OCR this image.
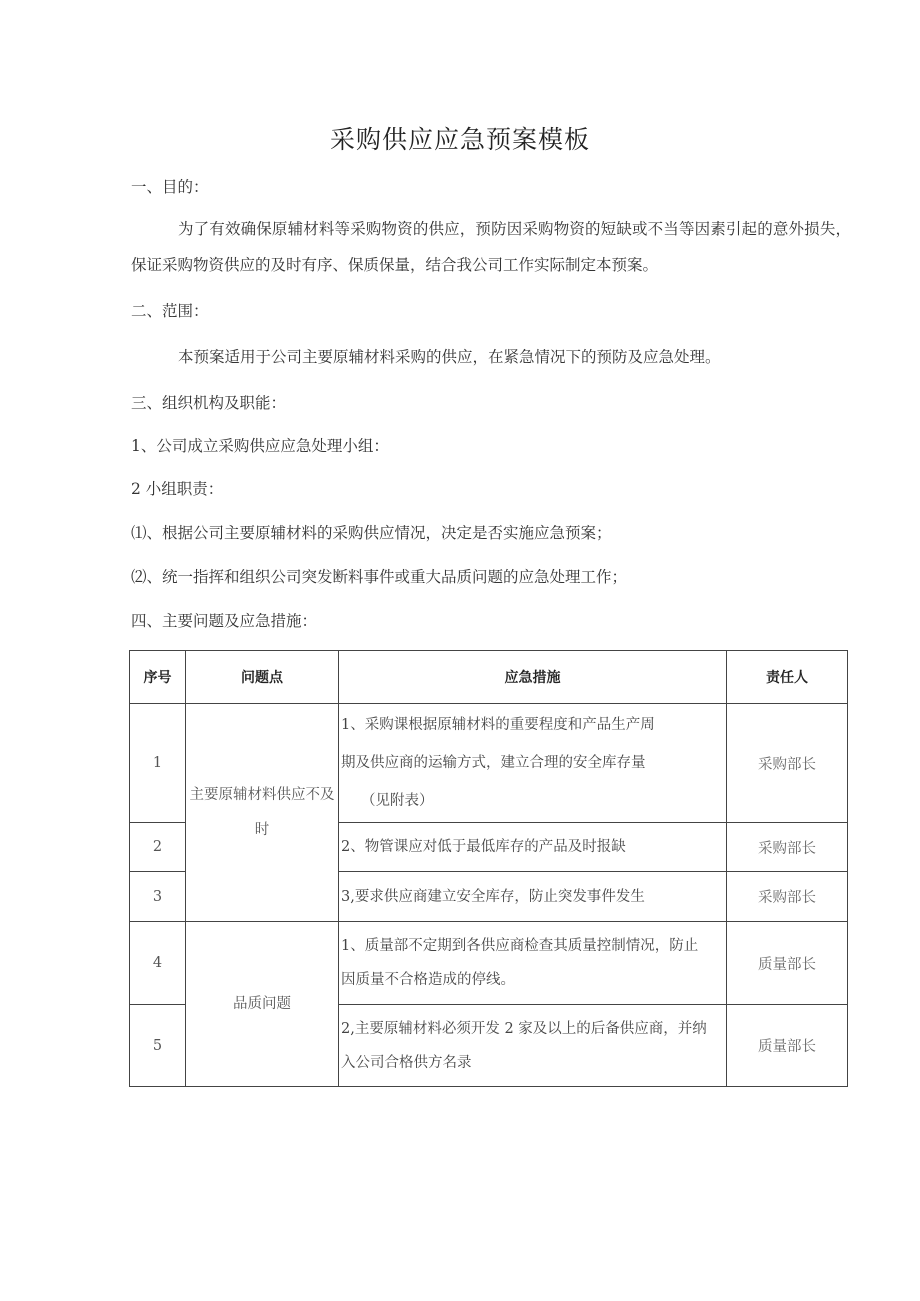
采购供应应急预案模板
一、目的：
为了有效确保原辅材料等采购物资的供应，预防因采购物资的短缺或不当等因素引起的意外损失，保证采购物资供应的及时有序、保质保量，结合我公司工作实际制定本预案。
二、范围：
本预案适用于公司主要原辅材料采购的供应，在紧急情况下的预防及应急处理。
三、组织机构及职能：
1、公司成立采购供应应急处理小组：
2 小组职责：
⑴、根据公司主要原辅材料的采购供应情况，决定是否实施应急预案；
⑵、统一指挥和组织公司突发断料事件或重大品质问题的应急处理工作；
四、主要问题及应急措施：
序号	问题点	应急措施	责任人
1	主要原辅材料供应不及时	1、采购课根据原辅材料的重要程度和产品生产周
期及供应商的运输方式，建立合理的安全库存量
（见附表）	采购部长
2		2、物管课应对低于最低库存的产品及时报缺	采购部长
3		3,要求供应商建立安全库存，防止突发事件发生	采购部长
4	品质问题	1、质量部不定期到各供应商检查其质量控制情况，防止
因质量不合格造成的停线。	质量部长
5		2,主要原辅材料必须开发 2 家及以上的后备供应商，并纳
入公司合格供方名录	质量部长
